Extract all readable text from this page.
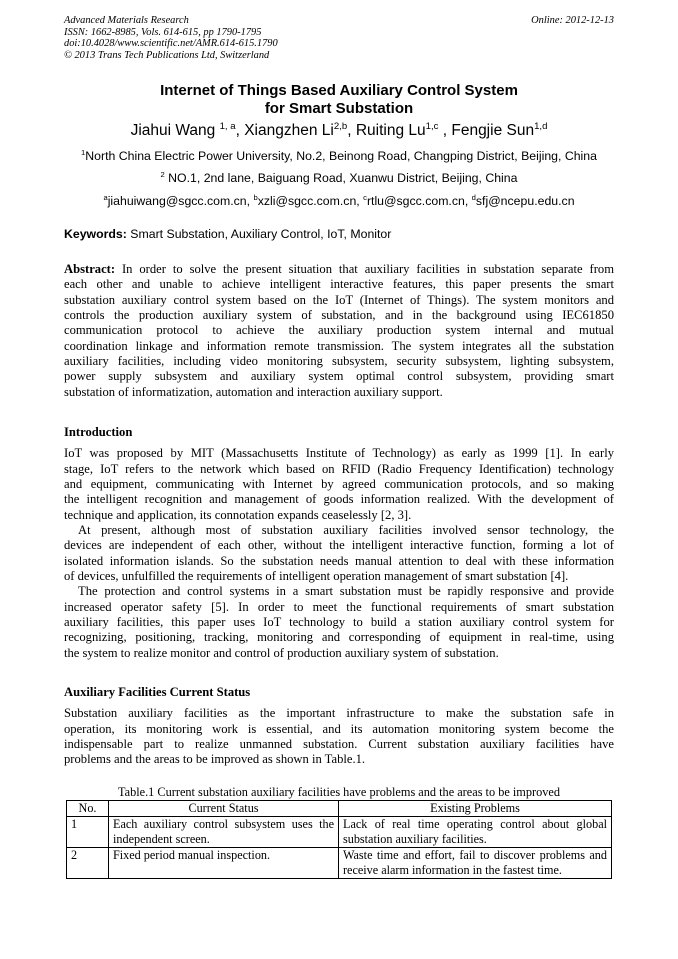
Advanced Materials Research
ISSN: 1662-8985, Vols. 614-615, pp 1790-1795
doi:10.4028/www.scientific.net/AMR.614-615.1790
© 2013 Trans Tech Publications Ltd, Switzerland
Online: 2012-12-13
Internet of Things Based Auxiliary Control System
for Smart Substation
Jiahui Wang $^{1, a}$, Xiangzhen Li$^{2,b}$, Ruiting Lu$^{1,c}$ , Fengjie Sun$^{1,d}$
$^1$North China Electric Power University, No.2, Beinong Road, Changping District, Beijing, China
$^2$ NO.1, 2nd lane, Baiguang Road, Xuanwu District, Beijing, China
$^a$jiahuiwang@sgcc.com.cn, $^b$xzli@sgcc.com.cn, $^c$rtlu@sgcc.com.cn, $^d$sfj@ncepu.edu.cn
Keywords: Smart Substation, Auxiliary Control, IoT, Monitor
Abstract: In order to solve the present situation that auxiliary facilities in substation separate from
each other and unable to achieve intelligent interactive features, this paper presents the smart
substation auxiliary control system based on the IoT (Internet of Things). The system monitors and
controls the production auxiliary system of substation, and in the background using IEC61850
communication protocol to achieve the auxiliary production system internal and mutual
coordination linkage and information remote transmission. The system integrates all the substation
auxiliary facilities, including video monitoring subsystem, security subsystem, lighting subsystem,
power supply subsystem and auxiliary system optimal control subsystem, providing smart
substation of informatization, automation and interaction auxiliary support.
Introduction
IoT was proposed by MIT (Massachusetts Institute of Technology) as early as 1999 [1]. In early
stage, IoT refers to the network which based on RFID (Radio Frequency Identification) technology
and equipment, communicating with Internet by agreed communication protocols, and so making
the intelligent recognition and management of goods information realized. With the development of
technique and application, its connotation expands ceaselessly [2, 3].
At present, although most of substation auxiliary facilities involved sensor technology, the
devices are independent of each other, without the intelligent interactive function, forming a lot of
isolated information islands. So the substation needs manual attention to deal with these information
of devices, unfulfilled the requirements of intelligent operation management of smart substation [4].
The protection and control systems in a smart substation must be rapidly responsive and provide
increased operator safety [5]. In order to meet the functional requirements of smart substation
auxiliary facilities, this paper uses IoT technology to build a station auxiliary control system for
recognizing, positioning, tracking, monitoring and corresponding of equipment in real-time, using
the system to realize monitor and control of production auxiliary system of substation.
Auxiliary Facilities Current Status
Substation auxiliary facilities as the important infrastructure to make the substation safe in
operation, its monitoring work is essential, and its automation monitoring system become the
indispensable part to realize unmanned substation. Current substation auxiliary facilities have
problems and the areas to be improved as shown in Table.1.
Table.1 Current substation auxiliary facilities have problems and the areas to be improved
No.	Current Status	Existing Problems
1	Each auxiliary control subsystem uses the independent screen.	Lack of real time operating control about global substation auxiliary facilities.
2	Fixed period manual inspection.	Waste time and effort, fail to discover problems and receive alarm information in the fastest time.
